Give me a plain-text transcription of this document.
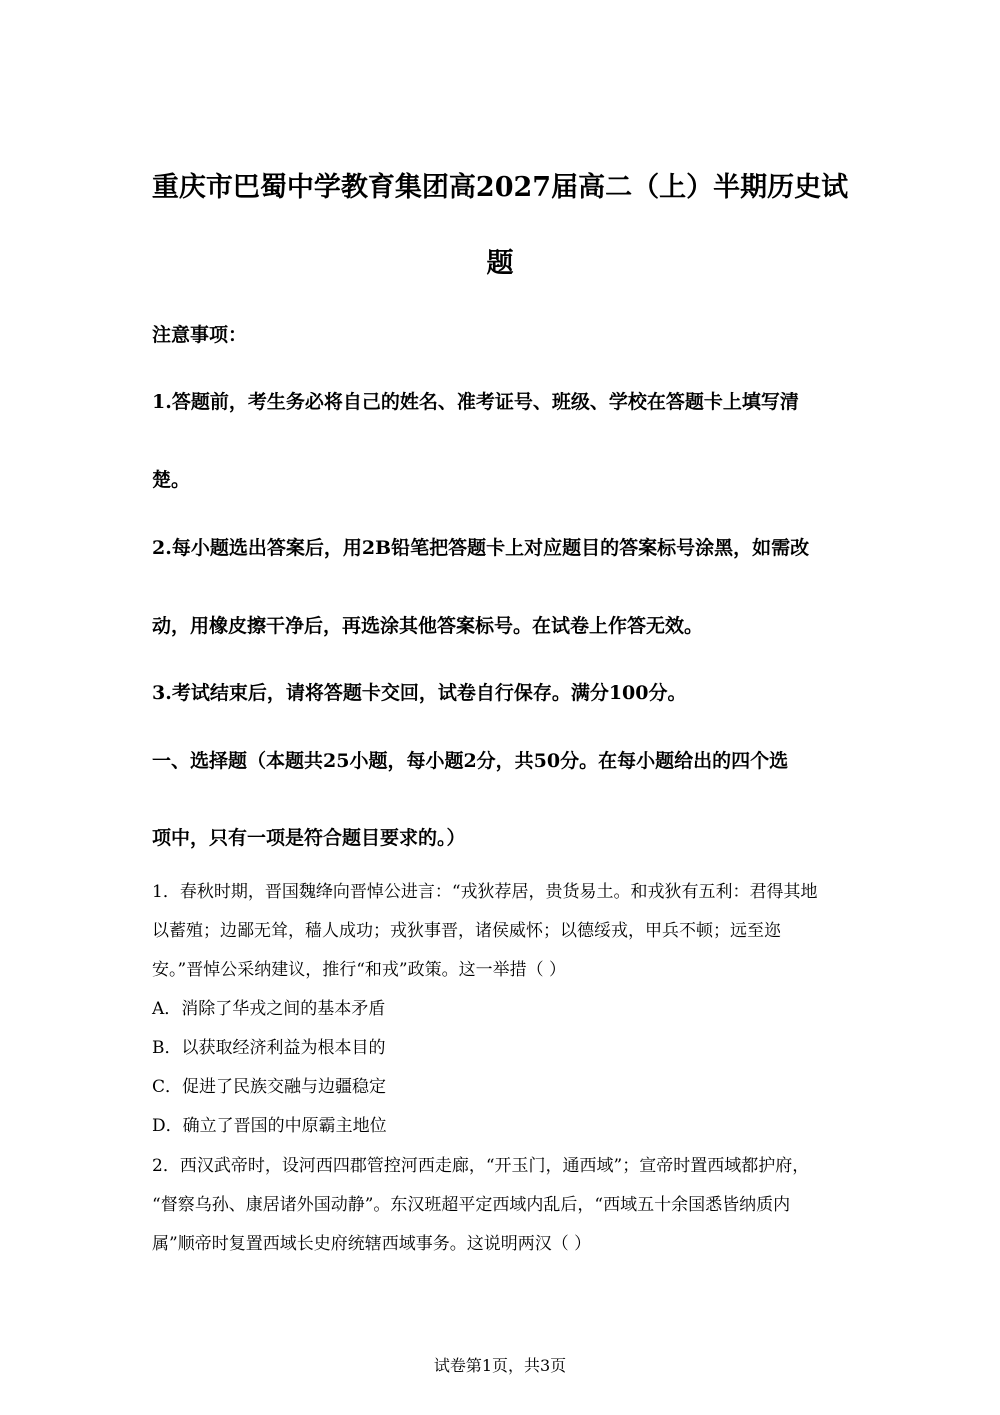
重庆市巴蜀中学教育集团高2027届高二（上）半期历史试
题
注意事项：
1.答题前，考生务必将自己的姓名、准考证号、班级、学校在答题卡上填写清
楚。
2.每小题选出答案后，用2B铅笔把答题卡上对应题目的答案标号涂黑，如需改
动，用橡皮擦干净后，再选涂其他答案标号。在试卷上作答无效。
3.考试结束后，请将答题卡交回，试卷自行保存。满分100分。
一、选择题（本题共25小题，每小题2分，共50分。在每小题给出的四个选
项中，只有一项是符合题目要求的。）
1．春秋时期，晋国魏绛向晋悼公进言：“戎狄荐居，贵货易土。和戎狄有五利：君得其地
以蓄殖；边鄙无耸，穑人成功；戎狄事晋，诸侯威怀；以德绥戎，甲兵不顿；远至迩
安。”晋悼公采纳建议，推行“和戎”政策。这一举措（ ）
A．消除了华戎之间的基本矛盾
B．以获取经济利益为根本目的
C．促进了民族交融与边疆稳定
D．确立了晋国的中原霸主地位
2．西汉武帝时，设河西四郡管控河西走廊，“开玉门，通西域”；宣帝时置西域都护府，
“督察乌孙、康居诸外国动静”。东汉班超平定西域内乱后，“西域五十余国悉皆纳质内
属”顺帝时复置西域长史府统辖西域事务。这说明两汉（ ）
试卷第1页，共3页
